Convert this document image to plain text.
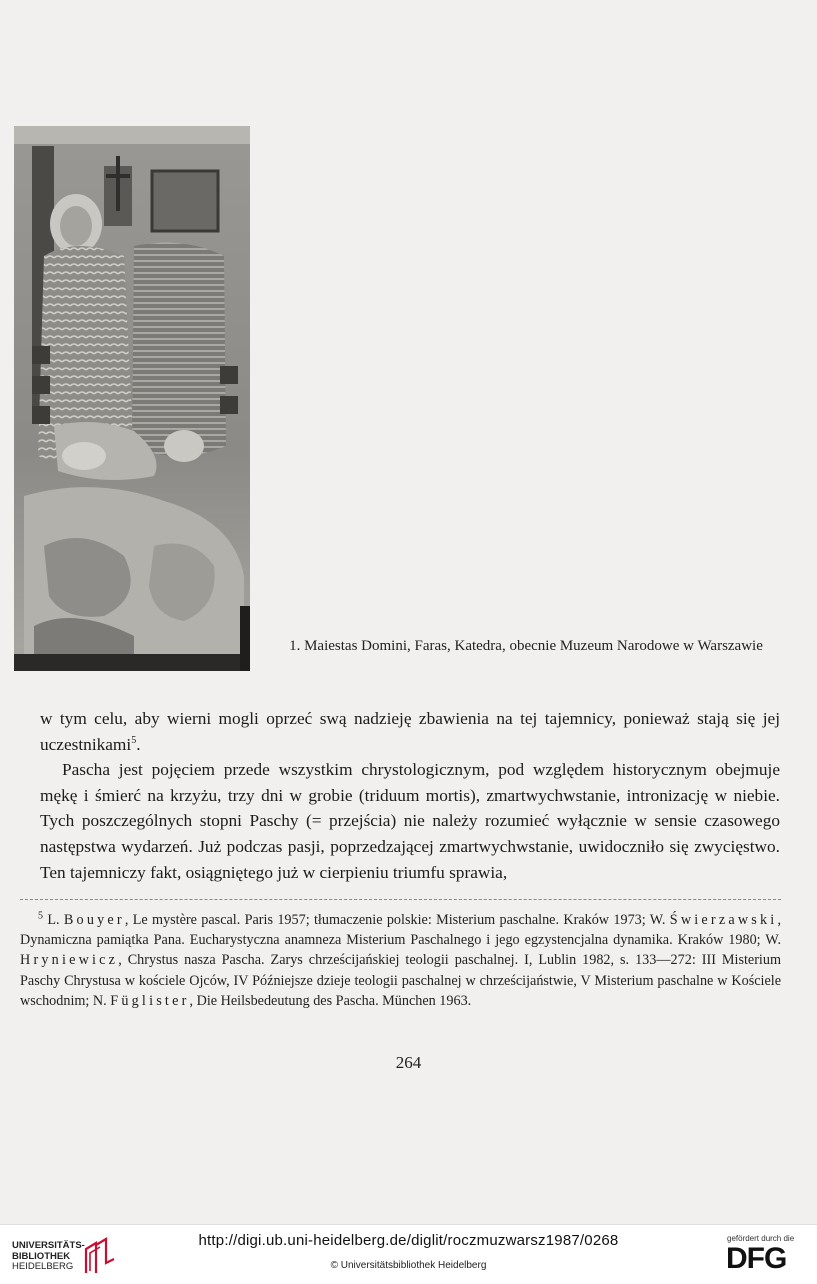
1. Maiestas Domini, Faras, Katedra, obecnie Muzeum Narodowe w Warszawie

w tym celu, aby wierni mogli oprzeć swą nadzieję zbawienia na tej tajemnicy, ponieważ stają się jej uczestnikami$^5$.

Pascha jest pojęciem przede wszystkim chrystologicznym, pod względem historycznym obejmuje mękę i śmierć na krzyżu, trzy dni w grobie (triduum mortis), zmartwychwstanie, intronizację w niebie. Tych poszczególnych stopni Paschy (= przejścia) nie należy rozumieć wyłącznie w sensie czasowego następstwa wydarzeń. Już podczas pasji, poprzedzającej zmartwychwstanie, uwidoczniło się zwycięstwo. Ten tajemniczy fakt, osiągniętego już w cierpieniu triumfu sprawia,

$^5$ L. Bouyer, Le mystère pascal. Paris 1957; tłumaczenie polskie: Misterium paschalne. Kraków 1973; W. Świerzawski, Dynamiczna pamiątka Pana. Eucharystyczna anamneza Misterium Paschalnego i jego egzystencjalna dynamika. Kraków 1980; W. Hryniewicz, Chrystus nasza Pascha. Zarys chrześcijańskiej teologii paschalnej. I, Lublin 1982, s. 133—272: III Misterium Paschy Chrystusa w kościele Ojców, IV Późniejsze dzieje teologii paschalnej w chrześcijaństwie, V Misterium paschalne w Kościele wschodnim; N. Füglister, Die Heilsbedeutung des Pascha. München 1963.

264
UNIVERSITÄTS-
BIBLIOTHEK
HEIDELBERG
http://digi.ub.uni-heidelberg.de/diglit/roczmuzwarsz1987/0268
© Universitätsbibliothek Heidelberg
gefördert durch die
DFG
